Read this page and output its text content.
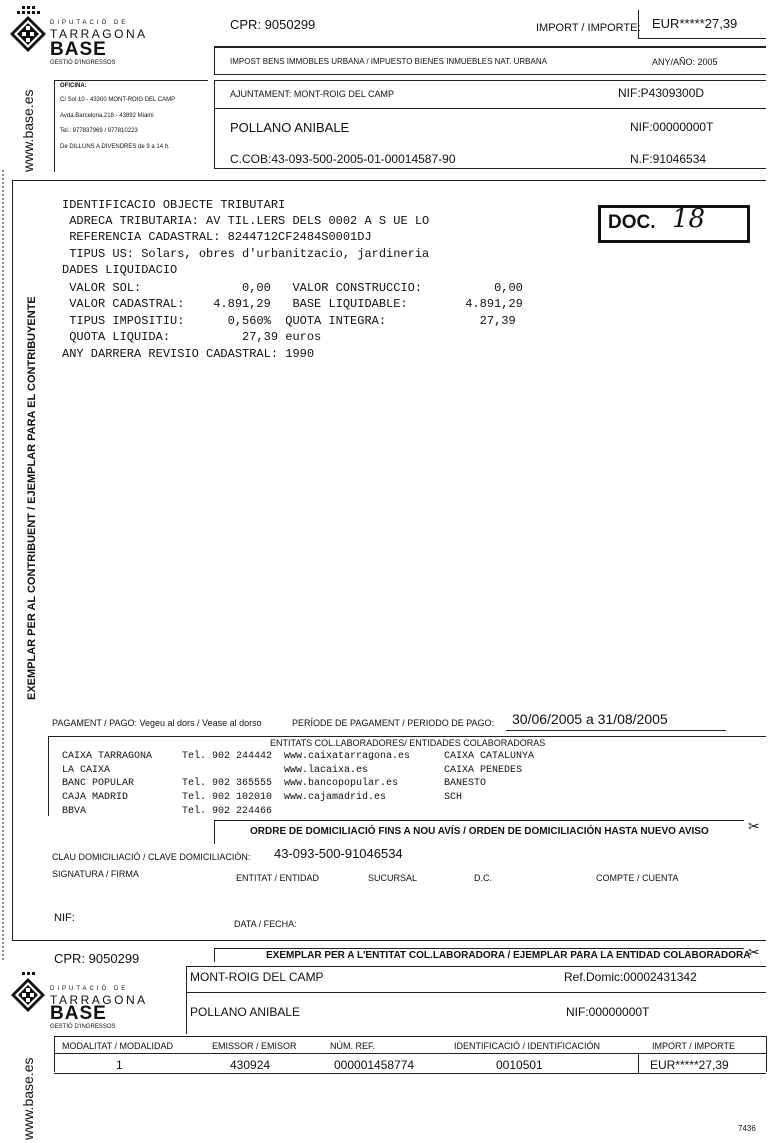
DIPUTACIÓ DE
TARRAGONA
BASE
GESTIÓ D'INGRESSOS
www.base.es
CPR: 9050299	IMPORT / IMPORTE: EUR*****27,39
IMPOST BENS IMMOBLES URBANA / IMPUESTO BIENES INMUEBLES NAT. URBANA	ANY/AÑO: 2005
OFICINA:
C/ Sol 10 - 43300 MONT-ROIG DEL CAMP
Avda.Barcelona,218 - 43892 Miami
Tel.: 977837969 / 977810223
De DILLUNS A DIVENDRES de 9 a 14 h.
AJUNTAMENT: MONT-ROIG DEL CAMP	NIF:P4309300D
POLLANO ANIBALE	NIF:00000000T
C.COB:43-093-500-2005-01-00014587-90	N.F:91046534
EXEMPLAR PER AL CONTRIBUENT / EJEMPLAR PARA EL CONTRIBUYENTE
DOC. 18
IDENTIFICACIO OBJECTE TRIBUTARI
ADRECA TRIBUTARIA: AV TIL.LERS DELS 0002 A S UE LO
REFERENCIA CADASTRAL: 8244712CF2484S0001DJ
TIPUS US: Solars, obres d'urbanitzacio, jardineria
DADES LIQUIDACIO
VALOR SOL:              0,00   VALOR CONSTRUCCIO:          0,00
VALOR CADASTRAL:    4.891,29   BASE LIQUIDABLE:        4.891,29
TIPUS IMPOSITIU:      0,560%  QUOTA INTEGRA:             27,39
QUOTA LIQUIDA:          27,39 euros
ANY DARRERA REVISIO CADASTRAL: 1990
PAGAMENT / PAGO: Vegeu al dors / Vease al dorso	PERÍODE DE PAGAMENT / PERIODO DE PAGO: 30/06/2005 a 31/08/2005
ENTITATS COL.LABORADORES/ ENTIDADES COLABORADORAS
CAIXA TARRAGONA	Tel. 902 244442 www.caixatarragona.es	CAIXA CATALUNYA
LA CAIXA	www.lacaixa.es	CAIXA PENEDES
BANC POPULAR	Tel. 902 365555 www.bancopopular.es	BANESTO
CAJA MADRID	Tel. 902 102010 www.cajamadrid.es	SCH
BBVA	Tel. 902 224466
ORDRE DE DOMICILIACIÓ FINS A NOU AVÍS / ORDEN DE DOMICILIACIÓN HASTA NUEVO AVISO	✂
CLAU DOMICILIACIÓ / CLAVE DOMICILIACIÓN: 43-093-500-91046534
SIGNATURA / FIRMA	ENTITAT / ENTIDAD	SUCURSAL	D.C.	COMPTE / CUENTA
NIF:	DATA / FECHA:
CPR: 9050299	EXEMPLAR PER A L'ENTITAT COL.LABORADORA / EJEMPLAR PARA LA ENTIDAD COLABORADORA
✂
DIPUTACIÓ DE
TARRAGONA
BASE
GESTIÓ D'INGRESSOS
www.base.es
MONT-ROIG DEL CAMP	Ref.Domic:00002431342
POLLANO ANIBALE	NIF:00000000T
MODALITAT / MODALIDAD	EMISSOR / EMISOR	NÚM. REF.	IDENTIFICACIÓ / IDENTIFICACIÓN	IMPORT / IMPORTE
1	430924	000001458774	0010501	EUR*****27,39
7436
